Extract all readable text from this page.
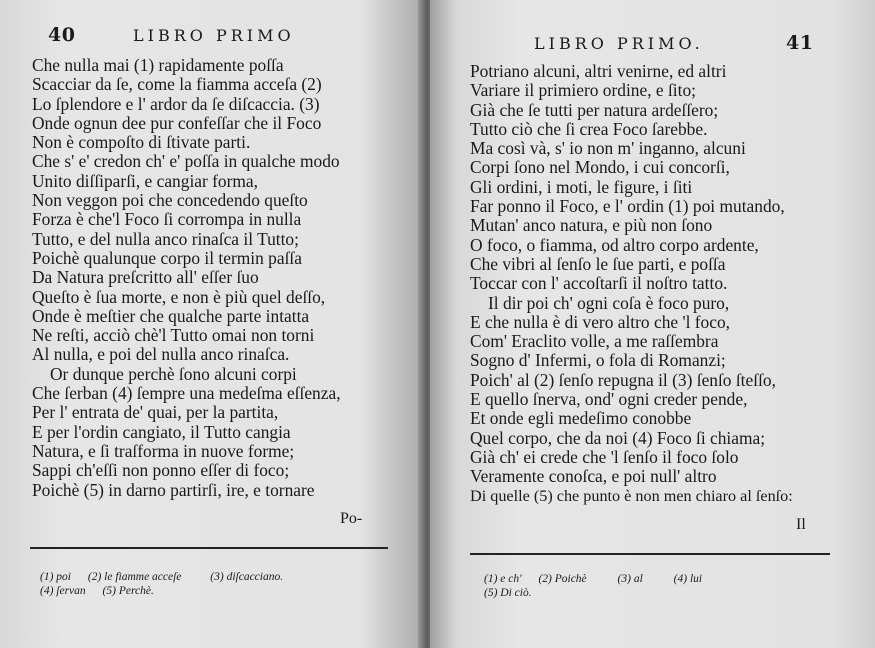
40	LIBRO PRIMO
Che nulla mai (1) rapidamente poſſa
Scacciar da ſe, come la fiamma acceſa (2)
Lo ſplendore e l' ardor da ſe diſcaccia. (3)
Onde ognun dee pur confeſſar che il Foco
Non è compoſto di ſtivate parti.
Che s' e' credon ch' e' poſſa in qualche modo
Unito diſſiparſi, e cangiar forma,
Non veggon poi che concedendo queſto
Forza è che'l Foco ſi corrompa in nulla
Tutto, e del nulla anco rinaſca il Tutto;
Poichè qualunque corpo il termin paſſa
Da Natura preſcritto all' eſſer ſuo
Queſto è ſua morte, e non è più quel deſſo,
Onde è meſtier che qualche parte intatta
Ne reſti, acciò chè'l Tutto omai non torni
Al nulla, e poi del nulla anco rinaſca.
Or dunque perchè ſono alcuni corpi
Che ſerban (4) ſempre una medeſma eſſenza,
Per l' entrata de' quai, per la partita,
E per l'ordin cangiato, il Tutto cangia
Natura, e ſi traſforma in nuove forme;
Sappi ch'eſſi non ponno eſſer di foco;
Poichè (5) in darno partirſi, ire, e tornare
Po-
(1) poi (2) le fiamme acceſe	(3) diſcacciano.
(4) ſervan (5) Perchè.
LIBRO PRIMO.	41
Potriano alcuni, altri venirne, ed altri
Variare il primiero ordine, e ſito;
Già che ſe tutti per natura ardeſſero;
Tutto ciò che ſi crea Foco ſarebbe.
Ma così và, s' io non m' inganno, alcuni
Corpi ſono nel Mondo, i cui concorſi,
Gli ordini, i moti, le figure, i ſiti
Far ponno il Foco, e l' ordin (1) poi mutando,
Mutan' anco natura, e più non ſono
O foco, o fiamma, od altro corpo ardente,
Che vibri al ſenſo le ſue parti, e poſſa
Toccar con l' accoſtarſi il noſtro tatto.
Il dir poi ch' ogni coſa è foco puro,
E che nulla è di vero altro che 'l foco,
Com' Eraclito volle, a me raſſembra
Sogno d' Infermi, o fola di Romanzi;
Poich' al (2) ſenſo repugna il (3) ſenſo ſteſſo,
E quello ſnerva, ond' ogni creder pende,
Et onde egli medeſimo conobbe
Quel corpo, che da noi (4) Foco ſi chiama;
Già ch' ei crede che 'l ſenſo il foco ſolo
Veramente conoſca, e poi null' altro
Di quelle (5) che punto è non men chiaro al ſenſo:
Il
(1) e ch' (2) Poichè	(3) al	(4) lui
(5) Di ciò.
